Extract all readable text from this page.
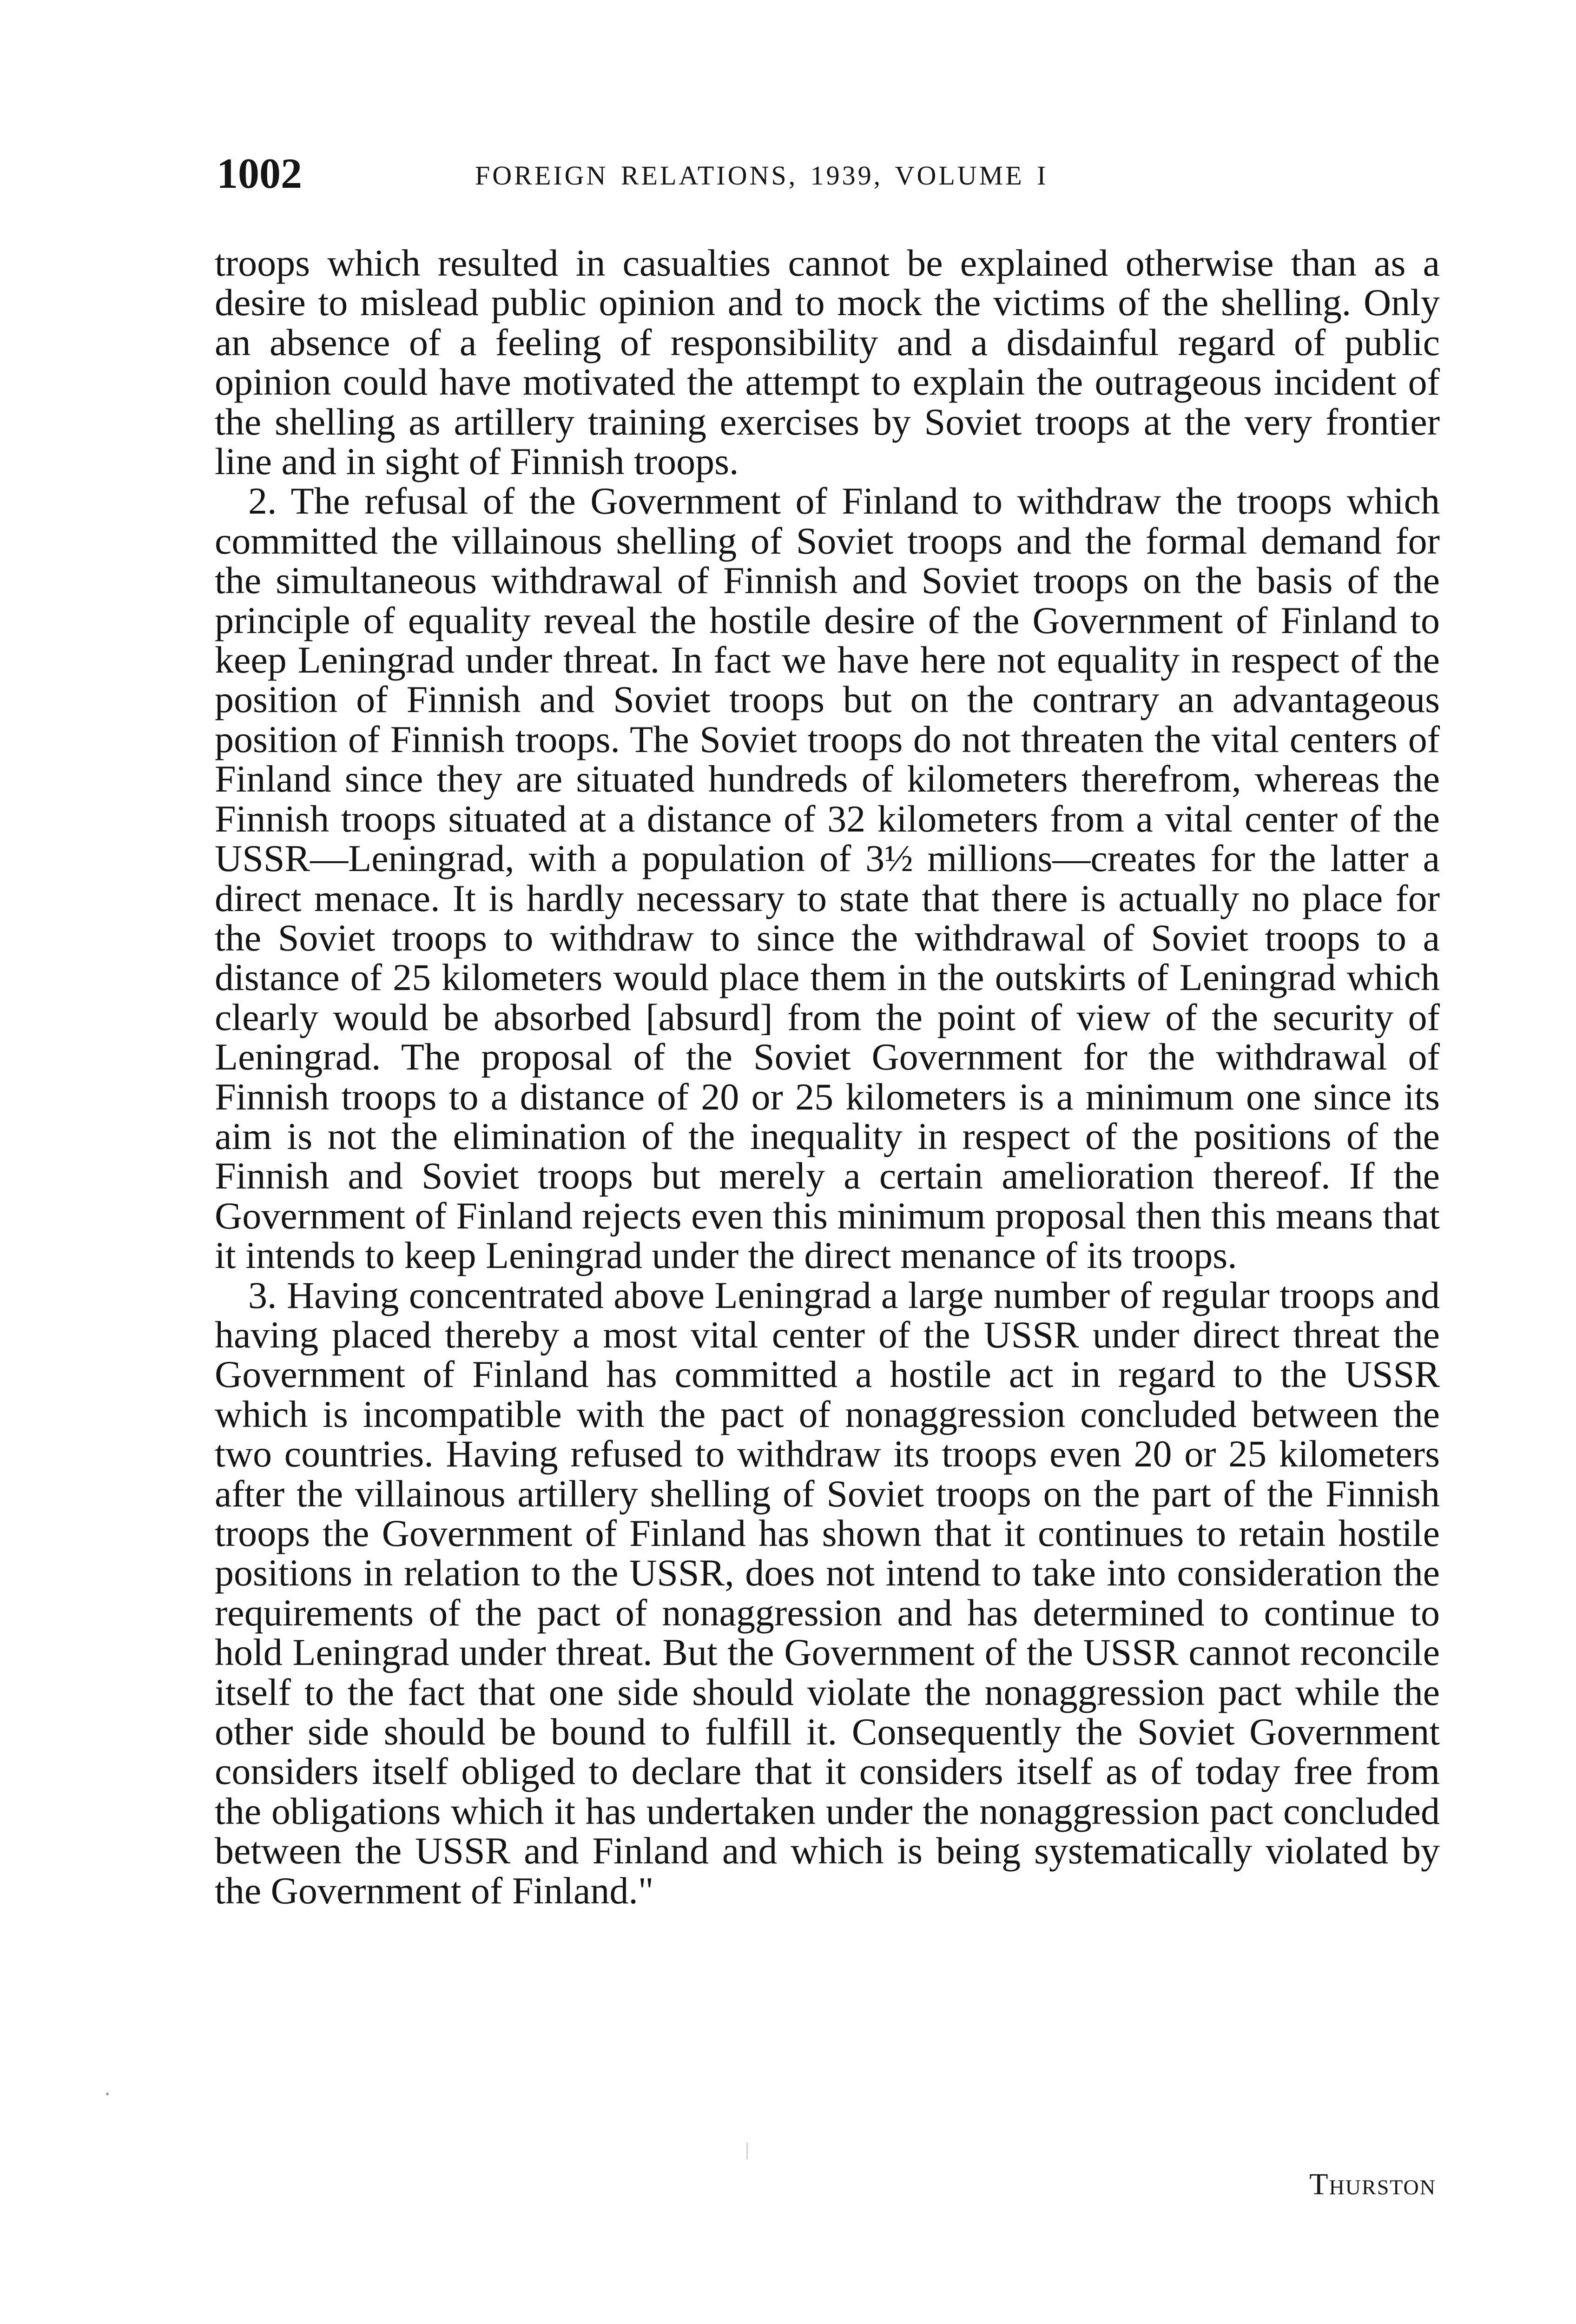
1002	FOREIGN RELATIONS, 1939, VOLUME I

troops which resulted in casualties cannot be explained otherwise than as a desire to mislead public opinion and to mock the victims of the shelling. Only an absence of a feeling of responsibility and a disdainful regard of public opinion could have motivated the attempt to explain the outrageous incident of the shelling as artillery training exercises by Soviet troops at the very frontier line and in sight of Finnish troops.

2. The refusal of the Government of Finland to withdraw the troops which committed the villainous shelling of Soviet troops and the formal demand for the simultaneous withdrawal of Finnish and Soviet troops on the basis of the principle of equality reveal the hostile desire of the Government of Finland to keep Leningrad under threat. In fact we have here not equality in respect of the position of Finnish and Soviet troops but on the contrary an advantageous position of Finnish troops. The Soviet troops do not threaten the vital centers of Finland since they are situated hundreds of kilometers therefrom, whereas the Finnish troops situated at a distance of 32 kilometers from a vital center of the USSR—Leningrad, with a population of 3½ millions—creates for the latter a direct menace. It is hardly necessary to state that there is actually no place for the Soviet troops to withdraw to since the withdrawal of Soviet troops to a distance of 25 kilometers would place them in the outskirts of Leningrad which clearly would be absorbed [absurd] from the point of view of the security of Leningrad. The proposal of the Soviet Government for the withdrawal of Finnish troops to a distance of 20 or 25 kilometers is a minimum one since its aim is not the elimination of the inequality in respect of the positions of the Finnish and Soviet troops but merely a certain amelioration thereof. If the Government of Finland rejects even this minimum proposal then this means that it intends to keep Leningrad under the direct menance of its troops.

3. Having concentrated above Leningrad a large number of regular troops and having placed thereby a most vital center of the USSR under direct threat the Government of Finland has committed a hostile act in regard to the USSR which is incompatible with the pact of nonaggression concluded between the two countries. Having refused to withdraw its troops even 20 or 25 kilometers after the villainous artillery shelling of Soviet troops on the part of the Finnish troops the Government of Finland has shown that it continues to retain hostile positions in relation to the USSR, does not intend to take into consideration the requirements of the pact of nonaggression and has determined to continue to hold Leningrad under threat. But the Government of the USSR cannot reconcile itself to the fact that one side should violate the nonaggression pact while the other side should be bound to fulfill it. Consequently the Soviet Government considers itself obliged to declare that it considers itself as of today free from the obligations which it has undertaken under the nonaggression pact concluded between the USSR and Finland and which is being systematically violated by the Government of Finland."

Thurston
